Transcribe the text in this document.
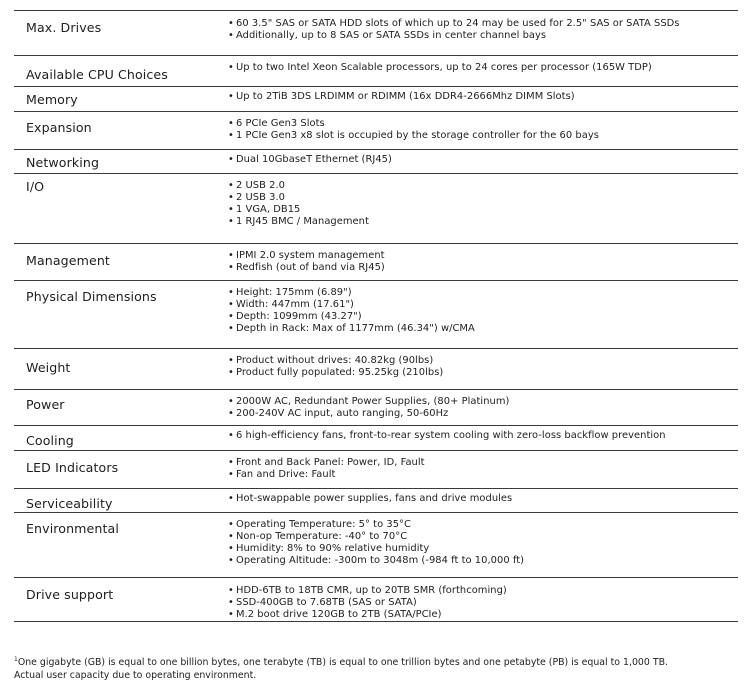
Max. Drives	• 60 3.5" SAS or SATA HDD slots of which up to 24 may be used for 2.5" SAS or SATA SSDs
• Additionally, up to 8 SAS or SATA SSDs in center channel bays
Available CPU Choices	• Up to two Intel Xeon Scalable processors, up to 24 cores per processor (165W TDP)
Memory	• Up to 2TiB 3DS LRDIMM or RDIMM (16x DDR4-2666Mhz DIMM Slots)
Expansion	• 6 PCIe Gen3 Slots
• 1 PCIe Gen3 x8 slot is occupied by the storage controller for the 60 bays
Networking	• Dual 10GbaseT Ethernet (RJ45)
I/O	• 2 USB 2.0
• 2 USB 3.0
• 1 VGA, DB15
• 1 RJ45 BMC / Management
Management	• IPMI 2.0 system management
• Redfish (out of band via RJ45)
Physical Dimensions	• Height: 175mm (6.89")
• Width: 447mm (17.61")
• Depth: 1099mm (43.27")
• Depth in Rack: Max of 1177mm (46.34") w/CMA
Weight	• Product without drives: 40.82kg (90lbs)
• Product fully populated: 95.25kg (210lbs)
Power	• 2000W AC, Redundant Power Supplies, (80+ Platinum)
• 200-240V AC input, auto ranging, 50-60Hz
Cooling	• 6 high-efficiency fans, front-to-rear system cooling with zero-loss backflow prevention
LED Indicators	• Front and Back Panel: Power, ID, Fault
• Fan and Drive: Fault
Serviceability	• Hot-swappable power supplies, fans and drive modules
Environmental	• Operating Temperature: 5° to 35°C
• Non-op Temperature: -40° to 70°C
• Humidity: 8% to 90% relative humidity
• Operating Altitude: -300m to 3048m (-984 ft to 10,000 ft)
Drive support	• HDD-6TB to 18TB CMR, up to 20TB SMR (forthcoming)
• SSD-400GB to 7.68TB (SAS or SATA)
• M.2 boot drive 120GB to 2TB (SATA/PCIe)
$^1$One gigabyte (GB) is equal to one billion bytes, one terabyte (TB) is equal to one trillion bytes and one petabyte (PB) is equal to 1,000 TB.
Actual user capacity due to operating environment.
